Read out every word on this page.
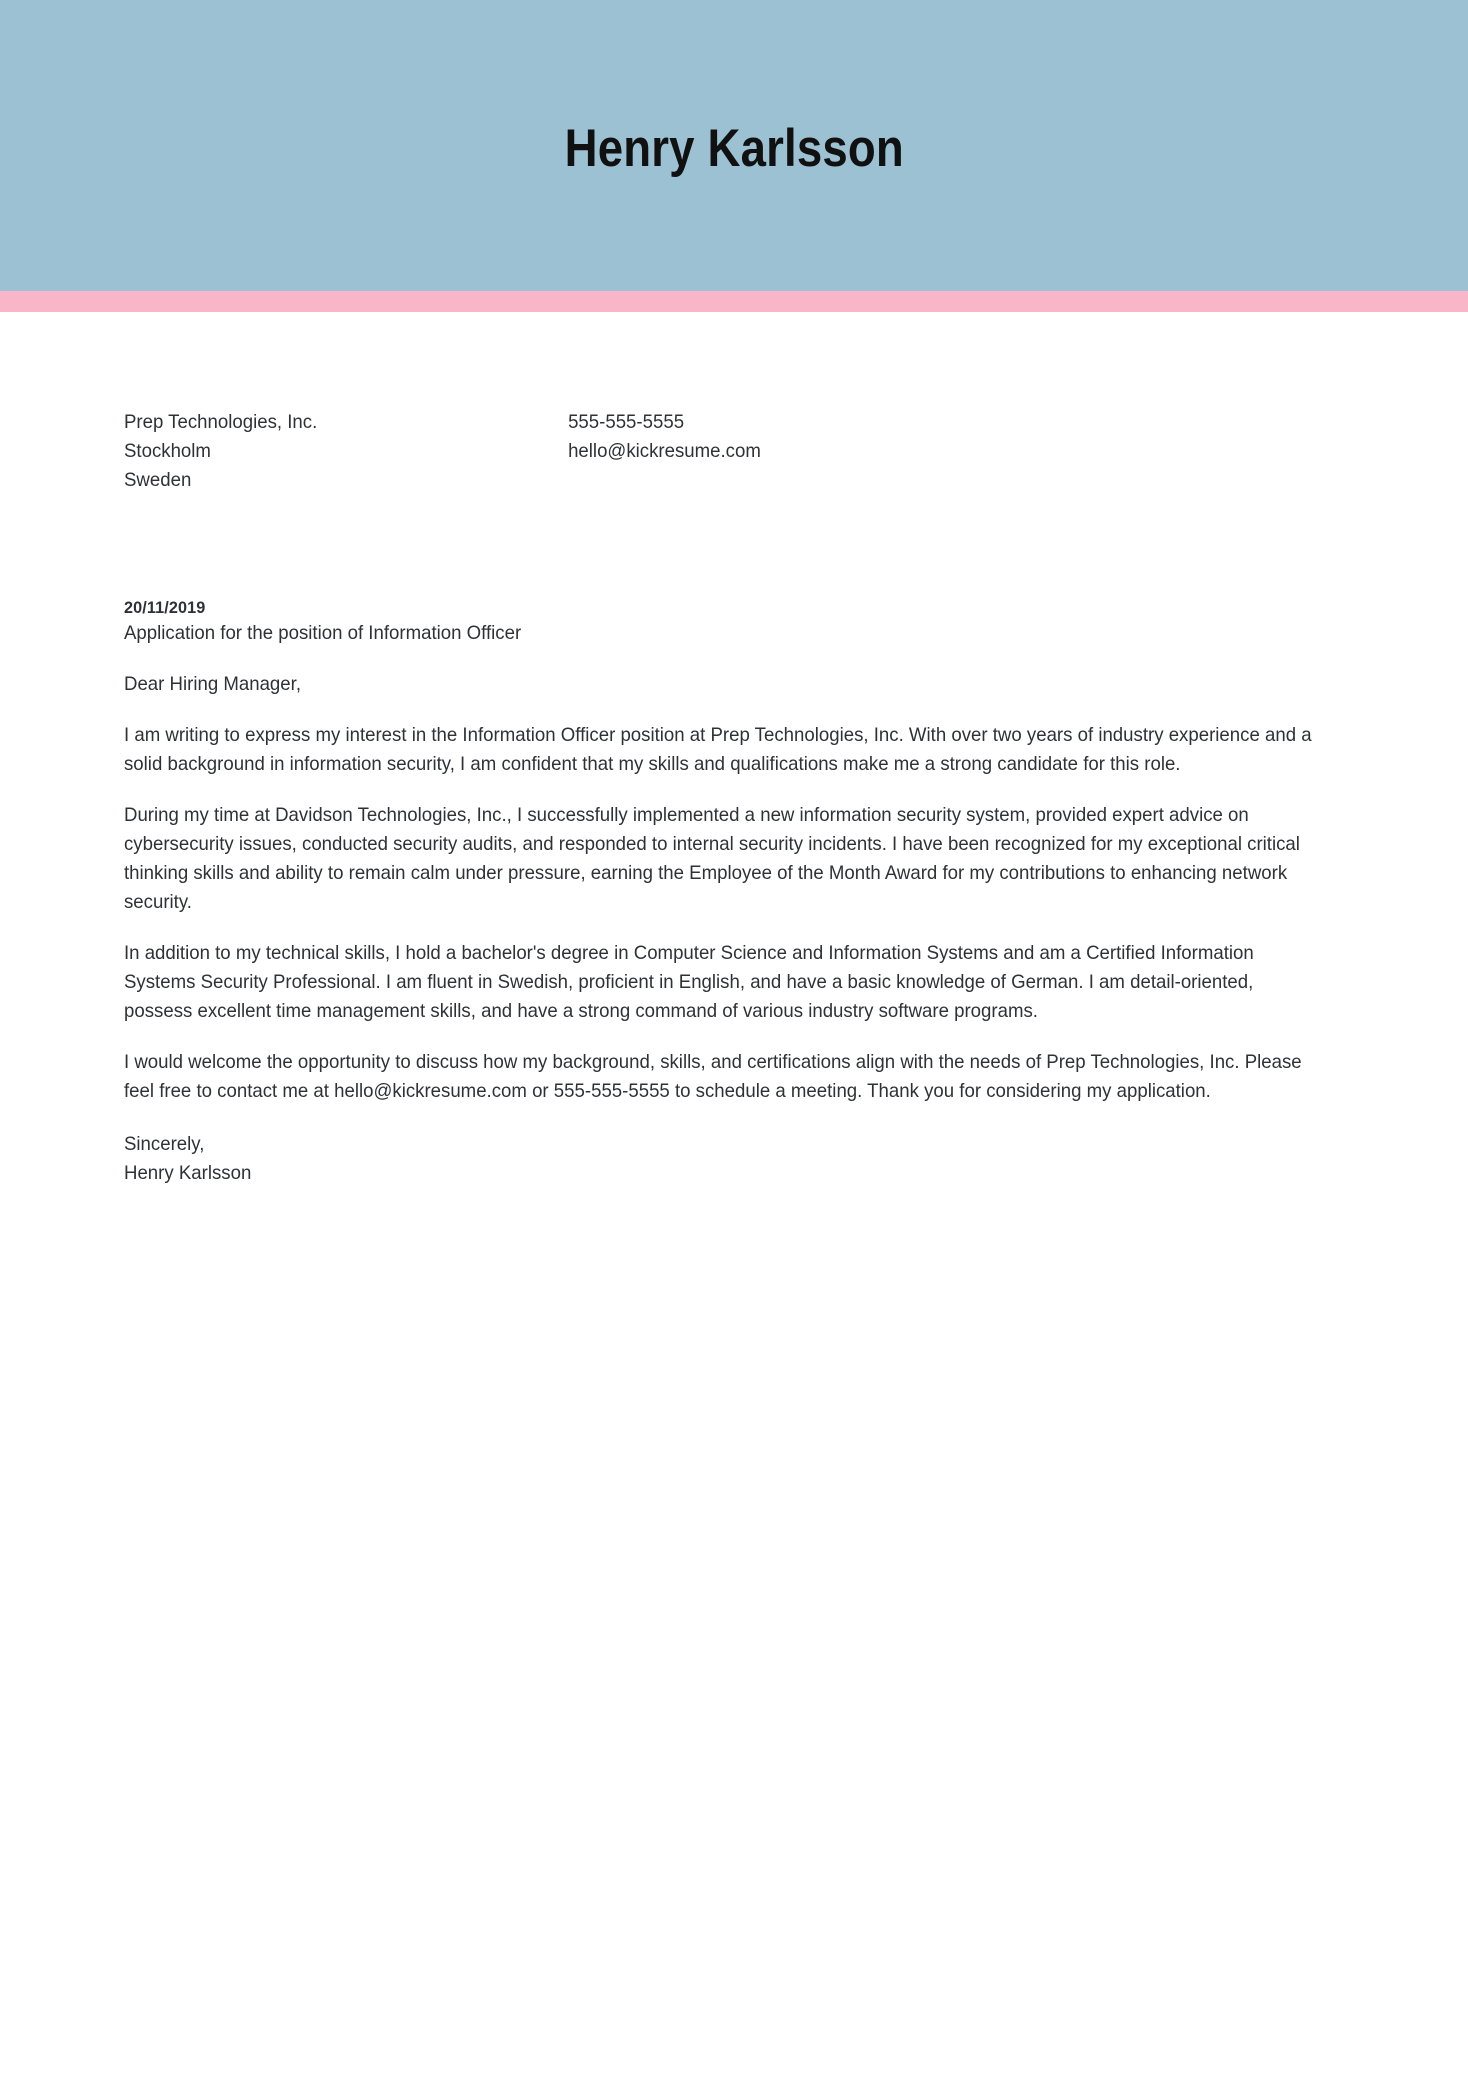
Henry Karlsson
Prep Technologies, Inc.
Stockholm
Sweden
555-555-5555
hello@kickresume.com
20/11/2019
Application for the position of Information Officer
Dear Hiring Manager,
I am writing to express my interest in the Information Officer position at Prep Technologies, Inc. With over two years of industry experience and a solid background in information security, I am confident that my skills and qualifications make me a strong candidate for this role.
During my time at Davidson Technologies, Inc., I successfully implemented a new information security system, provided expert advice on cybersecurity issues, conducted security audits, and responded to internal security incidents. I have been recognized for my exceptional critical thinking skills and ability to remain calm under pressure, earning the Employee of the Month Award for my contributions to enhancing network security.
In addition to my technical skills, I hold a bachelor's degree in Computer Science and Information Systems and am a Certified Information Systems Security Professional. I am fluent in Swedish, proficient in English, and have a basic knowledge of German. I am detail-oriented, possess excellent time management skills, and have a strong command of various industry software programs.
I would welcome the opportunity to discuss how my background, skills, and certifications align with the needs of Prep Technologies, Inc. Please feel free to contact me at hello@kickresume.com or 555-555-5555 to schedule a meeting. Thank you for considering my application.
Sincerely,
Henry Karlsson
